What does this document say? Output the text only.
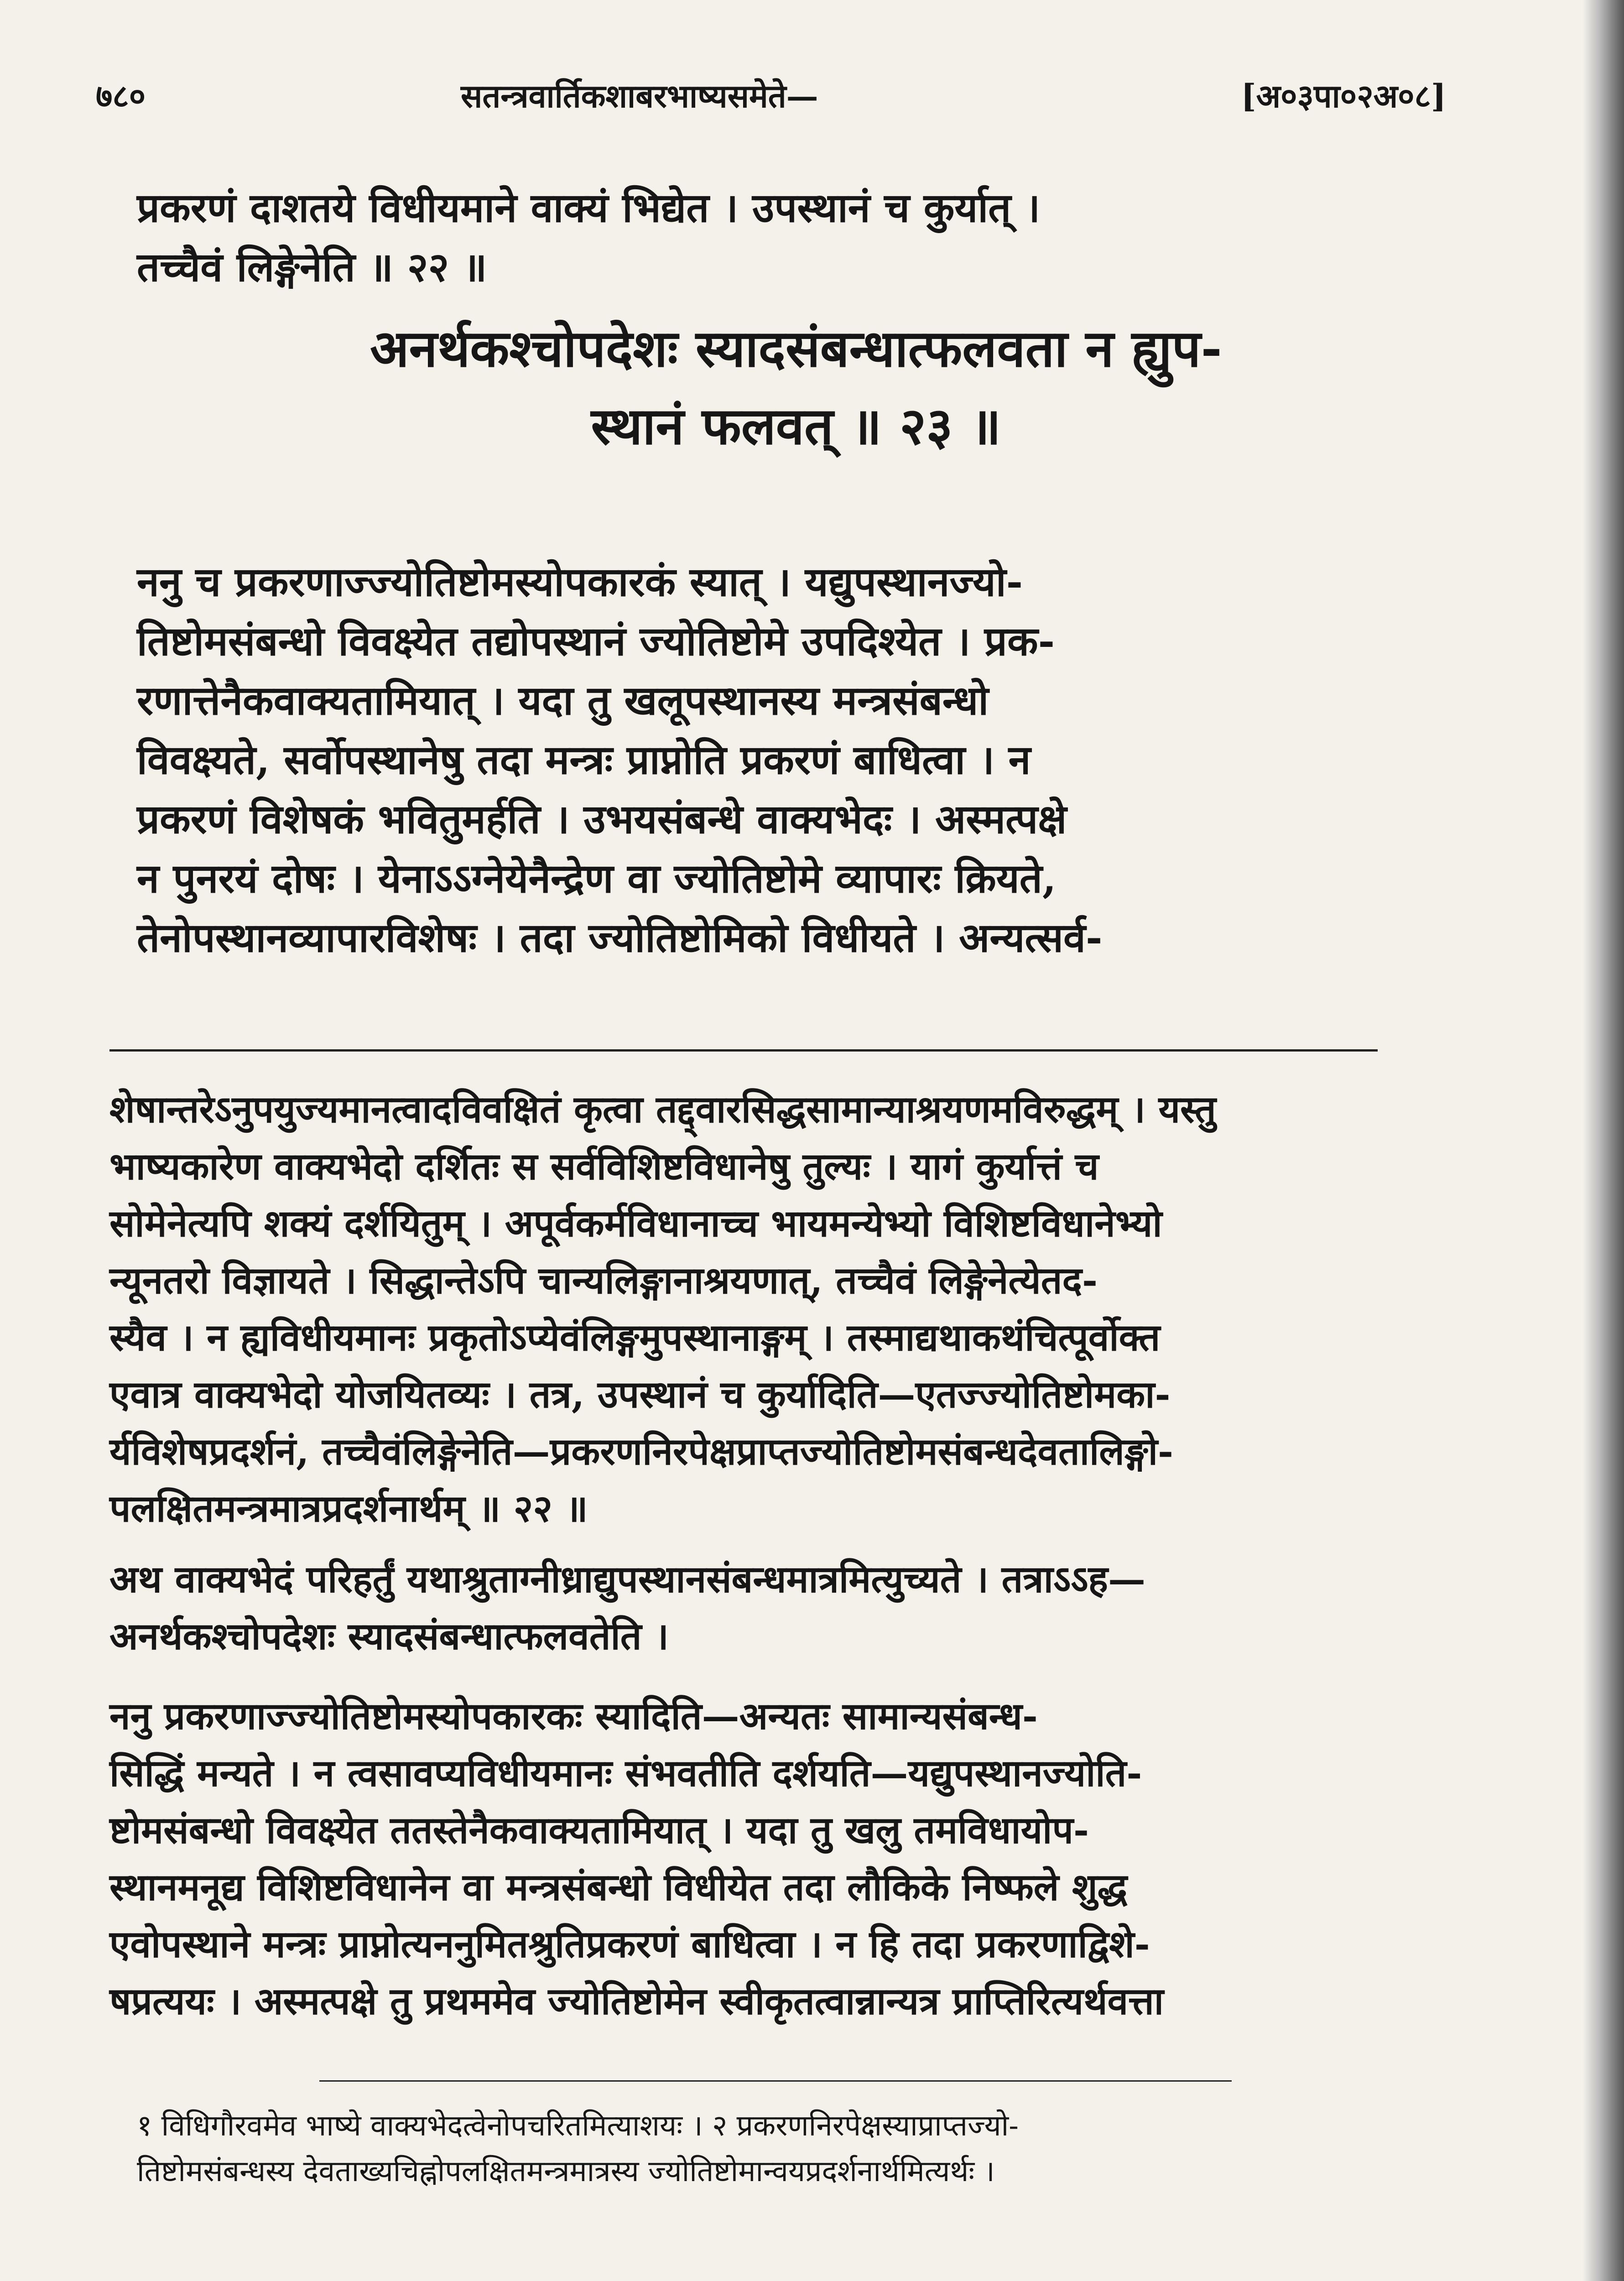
७८०	सतन्त्रवार्तिकशाबरभाष्यसमेते—	[अ०३पा०२अ०८]
प्रकरणं दाशतये विधीयमाने वाक्यं भिद्येत । उपस्थानं च कुर्यात् ।
तच्चैवं लिङ्गेनेति ॥ २२ ॥
अनर्थकश्चोपदेशः स्यादसंबन्धात्फलवता न ह्युप-
स्थानं फलवत् ॥ २३ ॥
ननु च प्रकरणाज्ज्योतिष्टोमस्योपकारकं स्यात् । यद्युपस्थानज्यो-
तिष्टोमसंबन्धो विवक्ष्येत तद्योपस्थानं ज्योतिष्टोमे उपदिश्येत । प्रक-
रणात्तेनैकवाक्यतामियात् । यदा तु खलूपस्थानस्य मन्त्रसंबन्धो
विवक्ष्यते, सर्वोपस्थानेषु तदा मन्त्रः प्राप्नोति प्रकरणं बाधित्वा । न
प्रकरणं विशेषकं भवितुमर्हति । उभयसंबन्धे वाक्यभेदः । अस्मत्पक्षे
न पुनरयं दोषः । येनाऽऽग्नेयेनैन्द्रेण वा ज्योतिष्टोमे व्यापारः क्रियते,
तेनोपस्थानव्यापारविशेषः । तदा ज्योतिष्टोमिको विधीयते । अन्यत्सर्व-
शेषान्तरेऽनुपयुज्यमानत्वादविवक्षितं कृत्वा तद्द्वारसिद्धसामान्याश्रयणमविरुद्धम् । यस्तु
भाष्यकारेण वाक्यभेदो दर्शितः स सर्वविशिष्टविधानेषु तुल्यः । यागं कुर्यात्तं च
सोमेनेत्यपि शक्यं दर्शयितुम् । अपूर्वकर्मविधानाच्च भायमन्येभ्यो विशिष्टविधानेभ्यो
न्यूनतरो विज्ञायते । सिद्धान्तेऽपि चान्यलिङ्गानाश्रयणात्, तच्चैवं लिङ्गेनेत्येतद-
स्यैव । न ह्यविधीयमानः प्रकृतोऽप्येवंलिङ्गमुपस्थानाङ्गम् । तस्माद्यथाकथंचित्पूर्वोक्त
एवात्र वाक्यभेदो योजयितव्यः । तत्र, उपस्थानं च कुर्यादिति—एतज्ज्योतिष्टोमका-
र्यविशेषप्रदर्शनं, तच्चैवंलिङ्गेनेति—प्रकरणनिरपेक्षप्राप्तज्योतिष्टोमसंबन्धदेवतालिङ्गो-
पलक्षितमन्त्रमात्रप्रदर्शनार्थम् ॥ २२ ॥
अथ वाक्यभेदं परिहर्तुं यथाश्रुताग्नीध्राद्युपस्थानसंबन्धमात्रमित्युच्यते । तत्राऽऽह—
अनर्थकश्चोपदेशः स्यादसंबन्धात्फलवतेति ।
ननु प्रकरणाज्ज्योतिष्टोमस्योपकारकः स्यादिति—अन्यतः सामान्यसंबन्ध-
सिद्धिं मन्यते । न त्वसावप्यविधीयमानः संभवतीति दर्शयति—यद्युपस्थानज्योति-
ष्टोमसंबन्धो विवक्ष्येत ततस्तेनैकवाक्यतामियात् । यदा तु खलु तमविधायोप-
स्थानमनूद्य विशिष्टविधानेन वा मन्त्रसंबन्धो विधीयेत तदा लौकिके निष्फले शुद्ध
एवोपस्थाने मन्त्रः प्राप्नोत्यननुमितश्रुतिप्रकरणं बाधित्वा । न हि तदा प्रकरणाद्विशे-
षप्रत्ययः । अस्मत्पक्षे तु प्रथममेव ज्योतिष्टोमेन स्वीकृतत्वान्नान्यत्र प्राप्तिरित्यर्थवत्ता
१ विधिगौरवमेव भाष्ये वाक्यभेदत्वेनोपचरितमित्याशयः । २ प्रकरणनिरपेक्षस्याप्राप्तज्यो-
तिष्टोमसंबन्धस्य देवताख्यचिह्नोपलक्षितमन्त्रमात्रस्य ज्योतिष्टोमान्वयप्रदर्शनार्थमित्यर्थः ।
